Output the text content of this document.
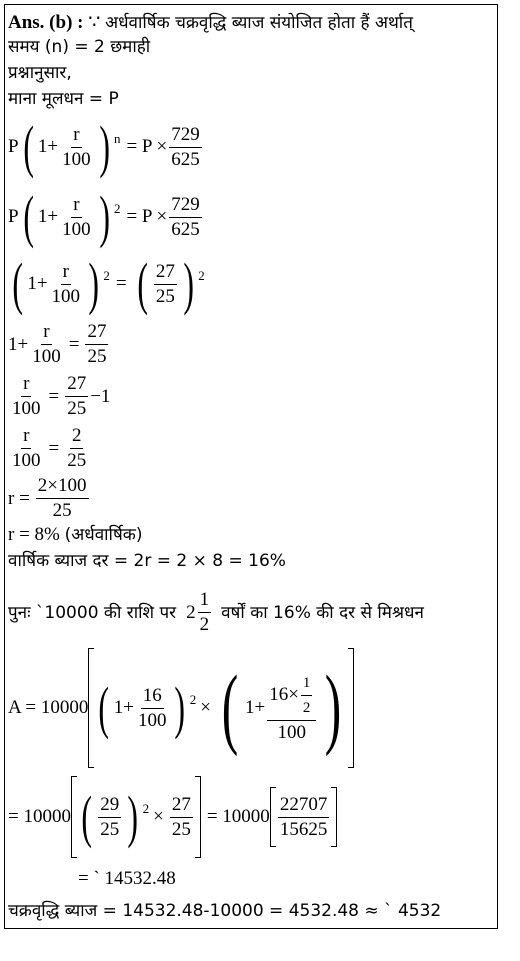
Ans. (b) : ∵ अर्धवार्षिक चक्रवृद्धि ब्याज संयोजित होता हैं अर्थात्
समय (n) = 2 छमाही
प्रश्नानुसार,
माना मूलधन = P
P ( $1+ \frac{r}{100}$ ) $n = P \times \frac{729}{625}$
P ( $1+ \frac{r}{100}$ ) $2 = P \times \frac{729}{625}$
( $1+ \frac{r}{100}$ ) 2 = ( $\frac{27}{25}$ ) 2
$1+ \frac{r}{100} = \frac{27}{25}$
$\frac{r}{100} = \frac{27}{25} -1$
$\frac{r}{100} = \frac{2}{25}$
$r = \frac{2\times 100}{25}$
r = 8% (अर्धवार्षिक)
वार्षिक ब्याज दर = 2r = 2 × 8 = 16%
पुनः `10000 की राशि पर $2 \frac{1}{2}$ वर्षों का 16% की दर से मिश्रधन
A = 10000 ( $1+ \frac{16}{100}$ ) 2 × ( $1+ \frac{16\times \frac{1}{2}}{100}$ )
= 10000 ( $\frac{29}{25}$ ) $2 \times \frac{27}{25} = 10000 \frac{22707}{15625}$
= ` 14532.48
चक्रवृद्धि ब्याज = 14532.48-10000 = 4532.48 ≈ ` 4532
